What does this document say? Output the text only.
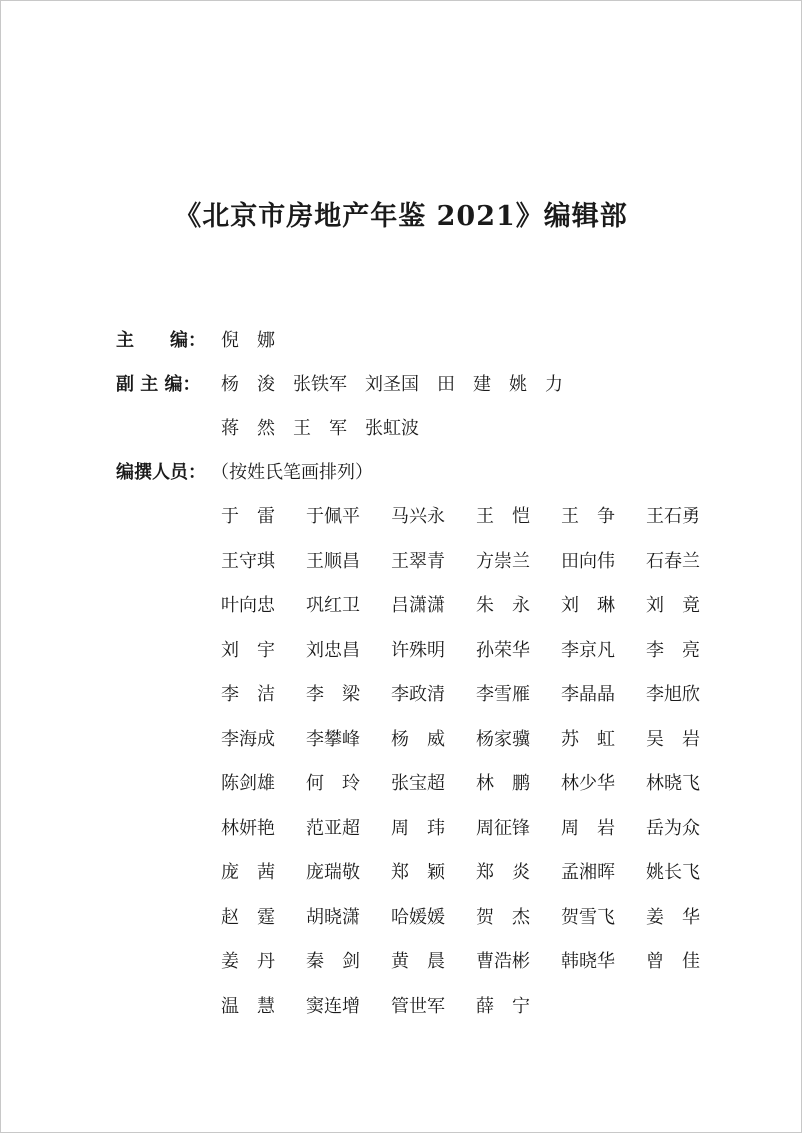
《北京市房地产年鉴 2021》编辑部
主　　编： 倪　娜
副 主 编： 杨　浚　张铁军　刘圣国　田　建　姚　力
蒋　然　王　军　张虹波
编撰人员： （按姓氏笔画排列）
于　雷	于佩平	马兴永	王　恺	王　争	王石勇
王守琪	王顺昌	王翠青	方崇兰	田向伟	石春兰
叶向忠	巩红卫	吕潇潇	朱　永	刘　琳	刘　竟
刘　宇	刘忠昌	许殊明	孙荣华	李京凡	李　亮
李　洁	李　梁	李政清	李雪雁	李晶晶	李旭欣
李海成	李攀峰	杨　威	杨家骥	苏　虹	吴　岩
陈剑雄	何　玲	张宝超	林　鹏	林少华	林晓飞
林妍艳	范亚超	周　玮	周征锋	周　岩	岳为众
庞　茜	庞瑞敬	郑　颖	郑　炎	孟湘晖	姚长飞
赵　霆	胡晓潇	哈媛媛	贺　杰	贺雪飞	姜　华
姜　丹	秦　剑	黄　晨	曹浩彬	韩晓华	曾　佳
温　慧	窦连增	管世军	薛　宁
